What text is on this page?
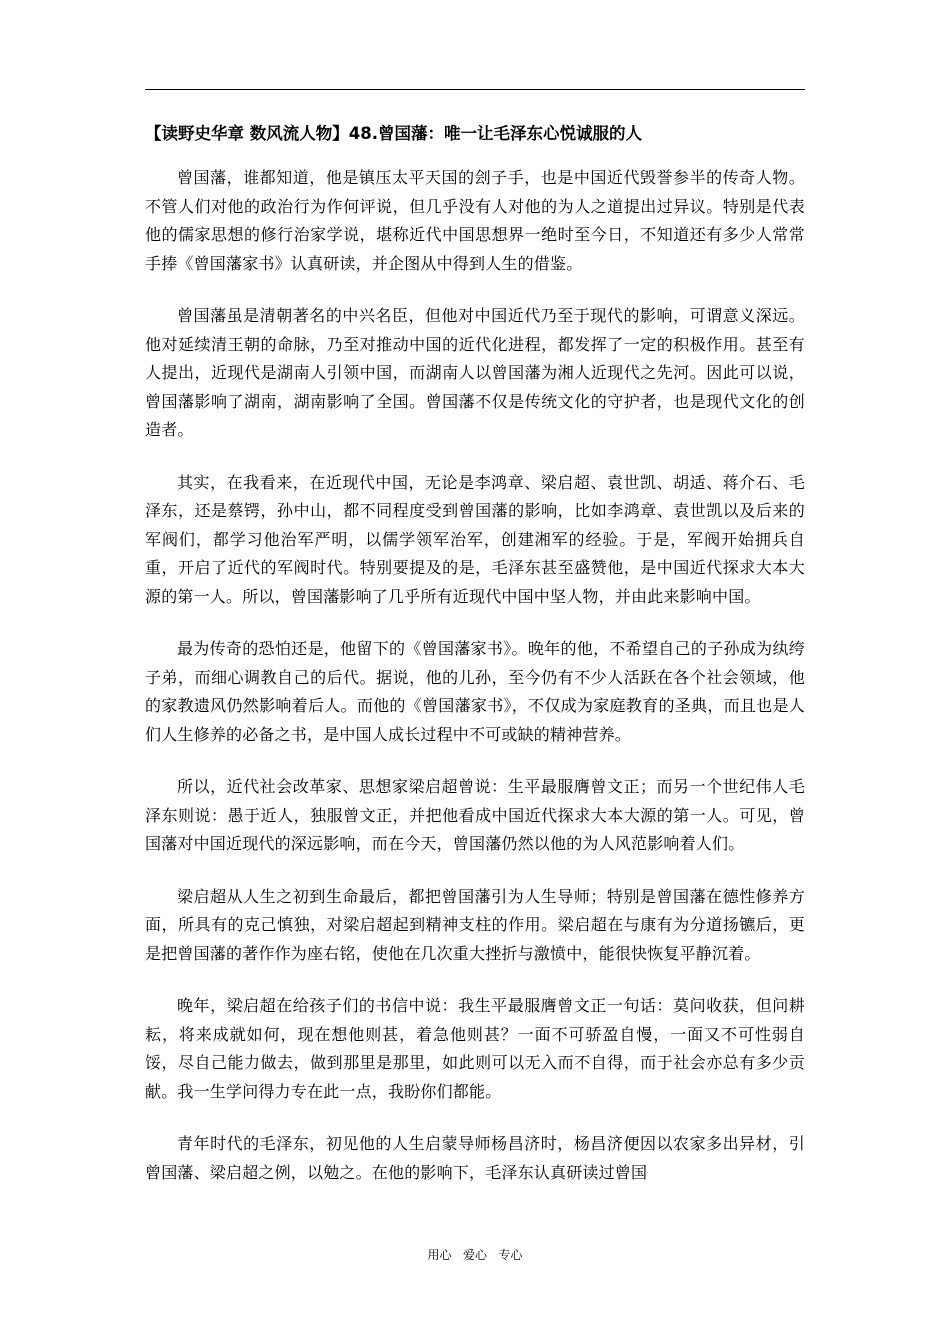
【读野史华章 数风流人物】48.曾国藩：唯一让毛泽东心悦诚服的人

曾国藩，谁都知道，他是镇压太平天国的刽子手，也是中国近代毁誉参半的传奇人物。不管人们对他的政治行为作何评说，但几乎没有人对他的为人之道提出过异议。特别是代表他的儒家思想的修行治家学说，堪称近代中国思想界一绝时至今日，不知道还有多少人常常手捧《曾国藩家书》认真研读，并企图从中得到人生的借鉴。

曾国藩虽是清朝著名的中兴名臣，但他对中国近代乃至于现代的影响，可谓意义深远。他对延续清王朝的命脉，乃至对推动中国的近代化进程，都发挥了一定的积极作用。甚至有人提出，近现代是湖南人引领中国，而湖南人以曾国藩为湘人近现代之先河。因此可以说，曾国藩影响了湖南，湖南影响了全国。曾国藩不仅是传统文化的守护者，也是现代文化的创造者。

其实，在我看来，在近现代中国，无论是李鸿章、梁启超、袁世凯、胡适、蒋介石、毛泽东，还是蔡锷，孙中山，都不同程度受到曾国藩的影响，比如李鸿章、袁世凯以及后来的军阀们，都学习他治军严明，以儒学领军治军，创建湘军的经验。于是，军阀开始拥兵自重，开启了近代的军阀时代。特别要提及的是，毛泽东甚至盛赞他，是中国近代探求大本大源的第一人。所以，曾国藩影响了几乎所有近现代中国中坚人物，并由此来影响中国。

最为传奇的恐怕还是，他留下的《曾国藩家书》。晚年的他，不希望自己的子孙成为纨绔子弟，而细心调教自己的后代。据说，他的儿孙，至今仍有不少人活跃在各个社会领域，他的家教遗风仍然影响着后人。而他的《曾国藩家书》，不仅成为家庭教育的圣典，而且也是人们人生修养的必备之书，是中国人成长过程中不可或缺的精神营养。

所以，近代社会改革家、思想家梁启超曾说：生平最服膺曾文正；而另一个世纪伟人毛泽东则说：愚于近人，独服曾文正，并把他看成中国近代探求大本大源的第一人。可见，曾国藩对中国近现代的深远影响，而在今天，曾国藩仍然以他的为人风范影响着人们。

梁启超从人生之初到生命最后，都把曾国藩引为人生导师；特别是曾国藩在德性修养方面，所具有的克己慎独，对梁启超起到精神支柱的作用。梁启超在与康有为分道扬镳后，更是把曾国藩的著作作为座右铭，使他在几次重大挫折与激愤中，能很快恢复平静沉着。

晚年，梁启超在给孩子们的书信中说：我生平最服膺曾文正一句话：莫问收获，但问耕耘，将来成就如何，现在想他则甚，着急他则甚？一面不可骄盈自慢，一面又不可性弱自馁，尽自己能力做去，做到那里是那里，如此则可以无入而不自得，而于社会亦总有多少贡献。我一生学问得力专在此一点，我盼你们都能。

青年时代的毛泽东，初见他的人生启蒙导师杨昌济时，杨昌济便因以农家多出异材，引曾国藩、梁启超之例，以勉之。在他的影响下，毛泽东认真研读过曾国

用心   爱心   专心
